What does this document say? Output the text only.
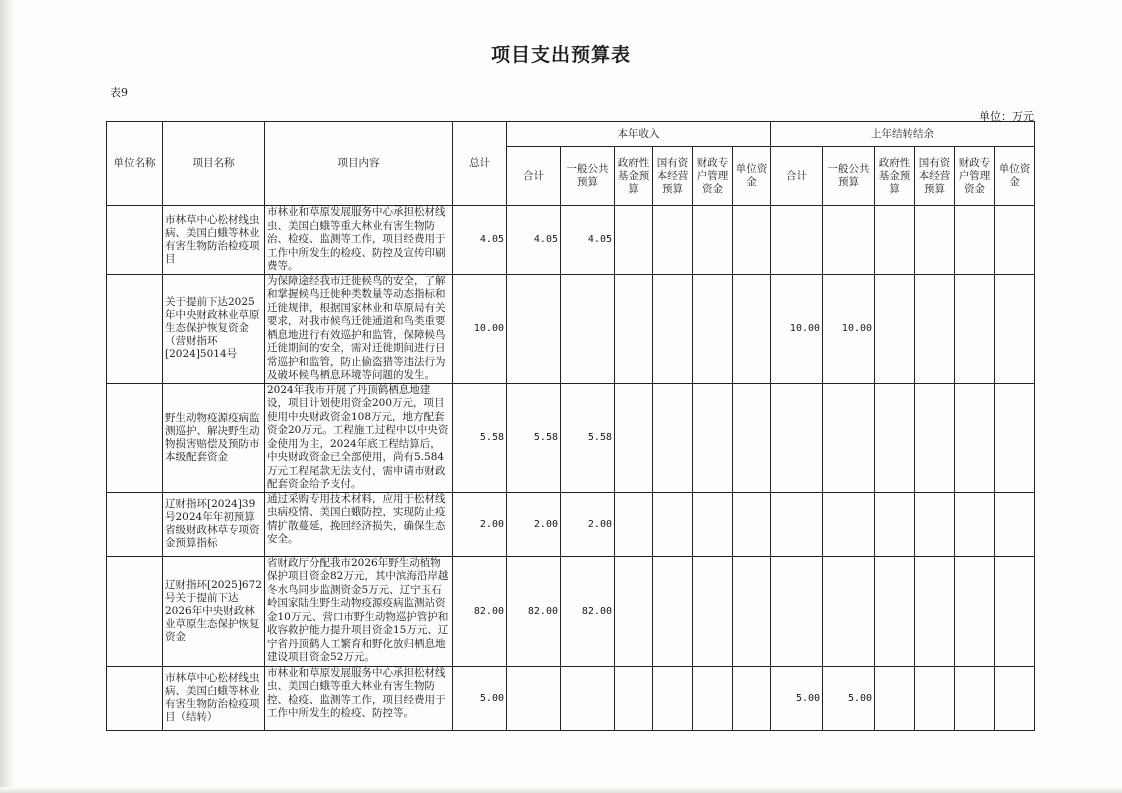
项目支出预算表
表9
单位：万元
单位名称	项目名称	项目内容	总计	本年收入						上年结转结余					
				合计	一般公共预算	政府性基金预算	国有资本经营预算	财政专户管理资金	单位资金	合计	一般公共预算	政府性基金预算	国有资本经营预算	财政专户管理资金	单位资金
	市林草中心松材线虫病、美国白蛾等林业有害生物防治检疫项目	市林业和草原发展服务中心承担松材线虫、美国白蛾等重大林业有害生物防治、检疫、监测等工作，项目经费用于工作中所发生的检疫、防控及宣传印刷费等。	4.05	4.05	4.05										
	关于提前下达2025年中央财政林业草原生态保护恢复资金（营财指环[2024]5014号	为保障途经我市迁徙候鸟的安全，了解和掌握候鸟迁徙种类数量等动态指标和迁徙规律，根据国家林业和草原局有关要求，对我市候鸟迁徙通道和鸟类重要栖息地进行有效巡护和监管，保障候鸟迁徙期间的安全，需对迁徙期间进行日常巡护和监管，防止偷盗猎等违法行为及破坏候鸟栖息环境等问题的发生。	10.00							10.00	10.00				
	野生动物疫源疫病监测巡护、解决野生动物损害赔偿及预防市本级配套资金	2024年我市开展了丹顶鹤栖息地建设，项目计划使用资金200万元，项目使用中央财政资金108万元，地方配套资金20万元。工程施工过程中以中央资金使用为主，2024年底工程结算后，中央财政资金已全部使用，尚有5.584万元工程尾款无法支付，需申请市财政配套资金给予支付。	5.58	5.58	5.58										
	辽财指环[2024]39号2024年年初预算省级财政林草专项资金预算指标	通过采购专用技术材料，应用于松材线虫病疫情、美国白蛾防控，实现防止疫情扩散蔓延，挽回经济损失，确保生态安全。	2.00	2.00	2.00										
	辽财指环[2025]672号关于提前下达2026年中央财政林业草原生态保护恢复资金	省财政厅分配我市2026年野生动植物保护项目资金82万元，其中滨海沿岸越冬水鸟同步监测资金5万元、辽宁玉石岭国家陆生野生动物疫源疫病监测站资金10万元、营口市野生动物巡护管护和收容救护能力提升项目资金15万元、辽宁省丹顶鹤人工繁育和野化放归栖息地建设项目资金52万元。	82.00	82.00	82.00										
	市林草中心松材线虫病、美国白蛾等林业有害生物防治检疫项目（结转）	市林业和草原发展服务中心承担松材线虫、美国白蛾等重大林业有害生物防控、检疫、监测等工作，项目经费用于工作中所发生的检疫、防控等。	5.00							5.00	5.00				
